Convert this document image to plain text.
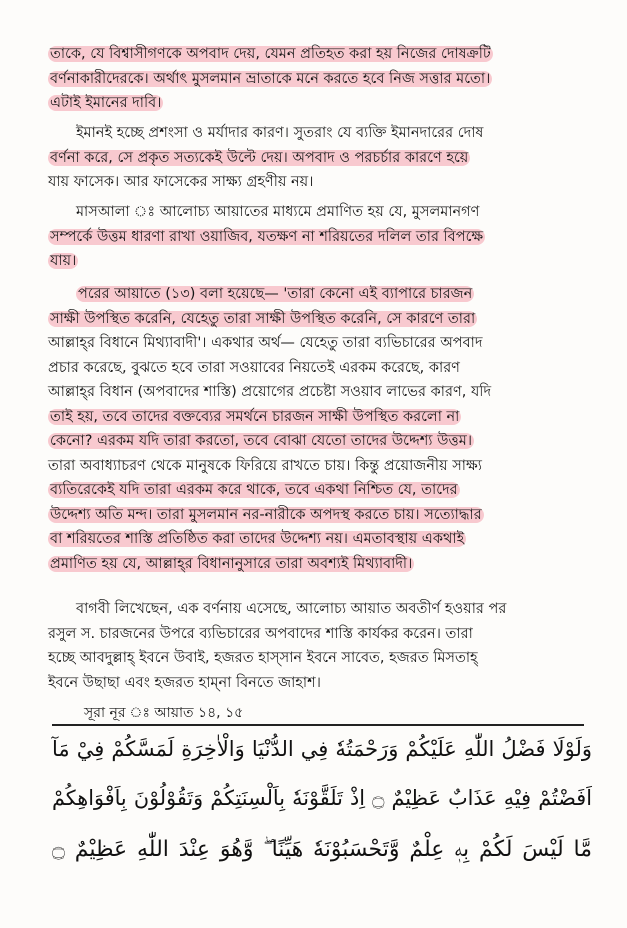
তাকে, যে বিশ্বাসীগণকে অপবাদ দেয়, যেমন প্রতিহত করা হয় নিজের দোষক্রটি
বর্ণনাকারীদেরকে। অর্থাৎ মুসলমান ভ্রাতাকে মনে করতে হবে নিজ সত্তার মতো।
এটাই ইমানের দাবি।
ইমানই হচ্ছে প্রশংসা ও মর্যাদার কারণ। সুতরাং যে ব্যক্তি ইমানদারের দোষ
বর্ণনা করে, সে প্রকৃত সত্যকেই উল্টে দেয়। অপবাদ ও পরচর্চার কারণে হয়ে
যায় ফাসেক। আর ফাসেকের সাক্ষ্য গ্রহণীয় নয়।
মাসআলা ঃ আলোচ্য আয়াতের মাধ্যমে প্রমাণিত হয় যে, মুসলমানগণ
সম্পর্কে উত্তম ধারণা রাখা ওয়াজিব, যতক্ষণ না শরিয়তের দলিল তার বিপক্ষে
যায়।
পরের আয়াতে (১৩) বলা হয়েছে— 'তারা কেনো এই ব্যাপারে চারজন
সাক্ষী উপস্থিত করেনি, যেহেতু তারা সাক্ষী উপস্থিত করেনি, সে কারণে তারা
আল্লাহ্‌র বিধানে মিথ্যাবাদী'। একথার অর্থ— যেহেতু তারা ব্যভিচারের অপবাদ
প্রচার করেছে, বুঝতে হবে তারা সওয়াবের নিয়তেই এরকম করেছে, কারণ
আল্লাহ্‌র বিধান (অপবাদের শাস্তি) প্রয়োগের প্রচেষ্টা সওয়াব লাভের কারণ, যদি
তাই হয়, তবে তাদের বক্তব্যের সমর্থনে চারজন সাক্ষী উপস্থিত করলো না
কেনো? এরকম যদি তারা করতো, তবে বোঝা যেতো তাদের উদ্দেশ্য উত্তম।
তারা অবাধ্যাচরণ থেকে মানুষকে ফিরিয়ে রাখতে চায়। কিন্তু প্রয়োজনীয় সাক্ষ্য
ব্যতিরেকেই যদি তারা এরকম করে থাকে, তবে একথা নিশ্চিত যে, তাদের
উদ্দেশ্য অতি মন্দ। তারা মুসলমান নর-নারীকে অপদস্থ করতে চায়। সত্যোদ্ধার
বা শরিয়তের শাস্তি প্রতিষ্ঠিত করা তাদের উদ্দেশ্য নয়। এমতাবস্থায় একথাই
প্রমাণিত হয় যে, আল্লাহ্‌র বিধানানুসারে তারা অবশ্যই মিথ্যাবাদী।
বাগবী লিখেছেন, এক বর্ণনায় এসেছে, আলোচ্য আয়াত অবতীর্ণ হওয়ার পর
রসুল স. চারজনের উপরে ব্যভিচারের অপবাদের শাস্তি কার্যকর করেন। তারা
হচ্ছে আবদুল্লাহ্‌ ইবনে উবাই, হজরত হাস্‌সান ইবনে সাবেত, হজরত মিসতাহ্‌
ইবনে উছাছা এবং হজরত হাম্‌না বিনতে জাহাশ।
সূরা নূর ঃ আয়াত ১৪, ১৫
وَلَوْلَا فَضْلُ اللّٰهِ عَلَيْكُمْ وَرَحْمَتُهٗ فِي الدُّنْيَا وَالْاٰخِرَةِ لَمَسَّكُمْ فِيْ مَآ
اَفَضْتُمْ فِيْهِ عَذَابٌ عَظِيْمٌ ۝ اِذْ تَلَقَّوْنَهٗ بِاَلْسِنَتِكُمْ وَتَقُوْلُوْنَ بِاَفْوَاهِكُمْ
مَّا لَيْسَ لَكُمْ بِهٖ عِلْمٌ وَّتَحْسَبُوْنَهٗ هَيِّنًا ۖ وَّهُوَ عِنْدَ اللّٰهِ عَظِيْمٌ ۝
